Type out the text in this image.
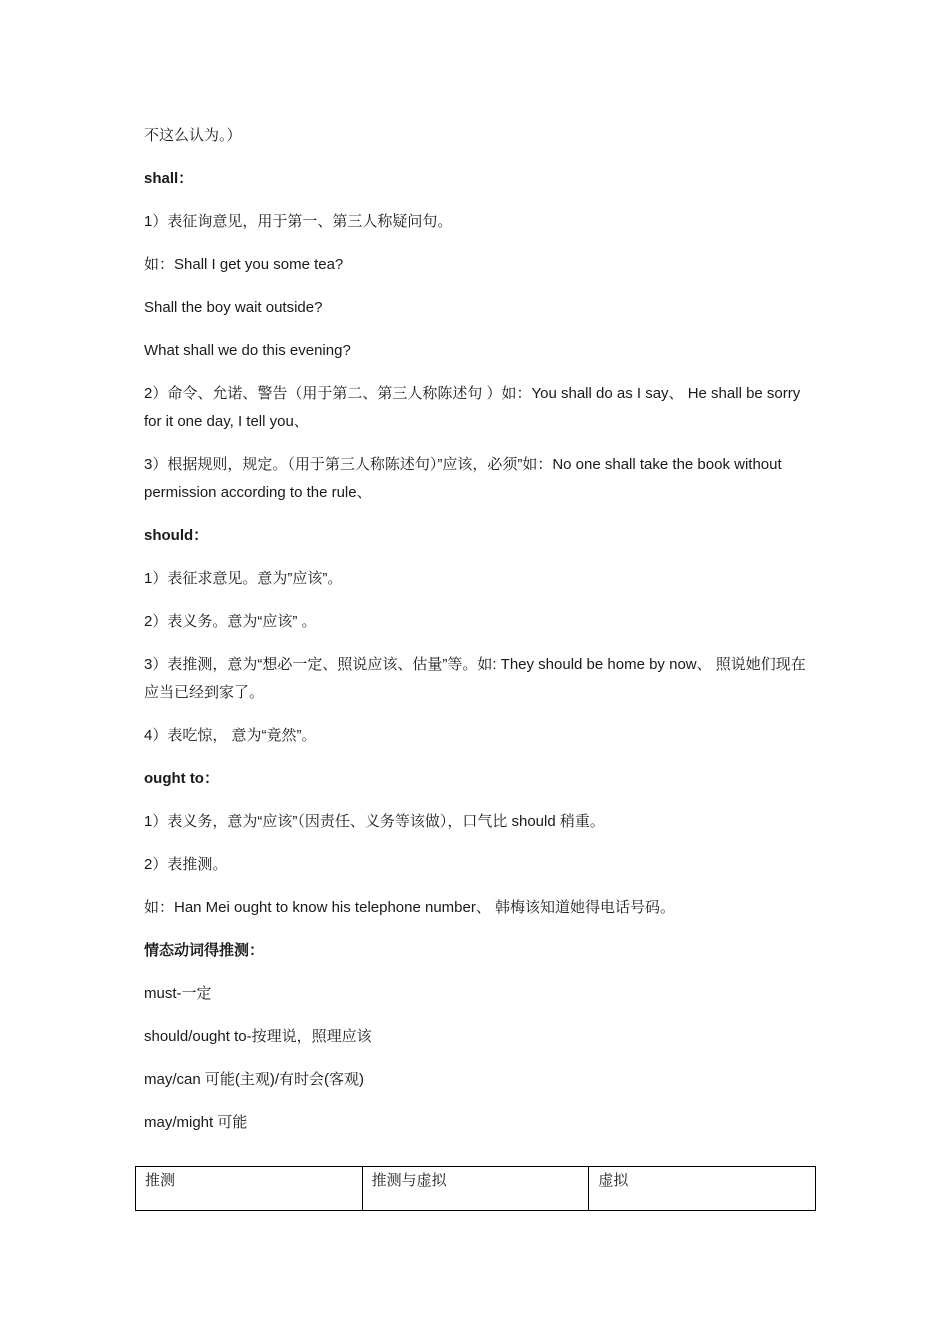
不这么认为。）

shall：

1）表征询意见，用于第一、第三人称疑问句。

如：Shall I get you some tea?

Shall the boy wait outside?

What shall we do this evening?

2）命令、允诺、警告（用于第二、第三人称陈述句 ）如：You shall do as I say、 He shall be sorry for it one day, I tell you、

3）根据规则，规定。（用于第三人称陈述句）”应该，必须”如：No one shall take the book without permission according to the rule、

should：

1）表征求意见。意为”应该”。

2）表义务。意为“应该” 。

3）表推测，意为“想必一定、照说应该、估量”等。如: They should be home by now、 照说她们现在应当已经到家了。

4）表吃惊， 意为“竟然”。

ought to：

1）表义务，意为“应该”（因责任、义务等该做），口气比 should 稍重。

2）表推测。

如：Han Mei ought to know his telephone number、 韩梅该知道她得电话号码。

情态动词得推测：

must-一定

should/ought to-按理说，照理应该

may/can 可能(主观)/有时会(客观)

may/might 可能

推测	推测与虚拟	虚拟
